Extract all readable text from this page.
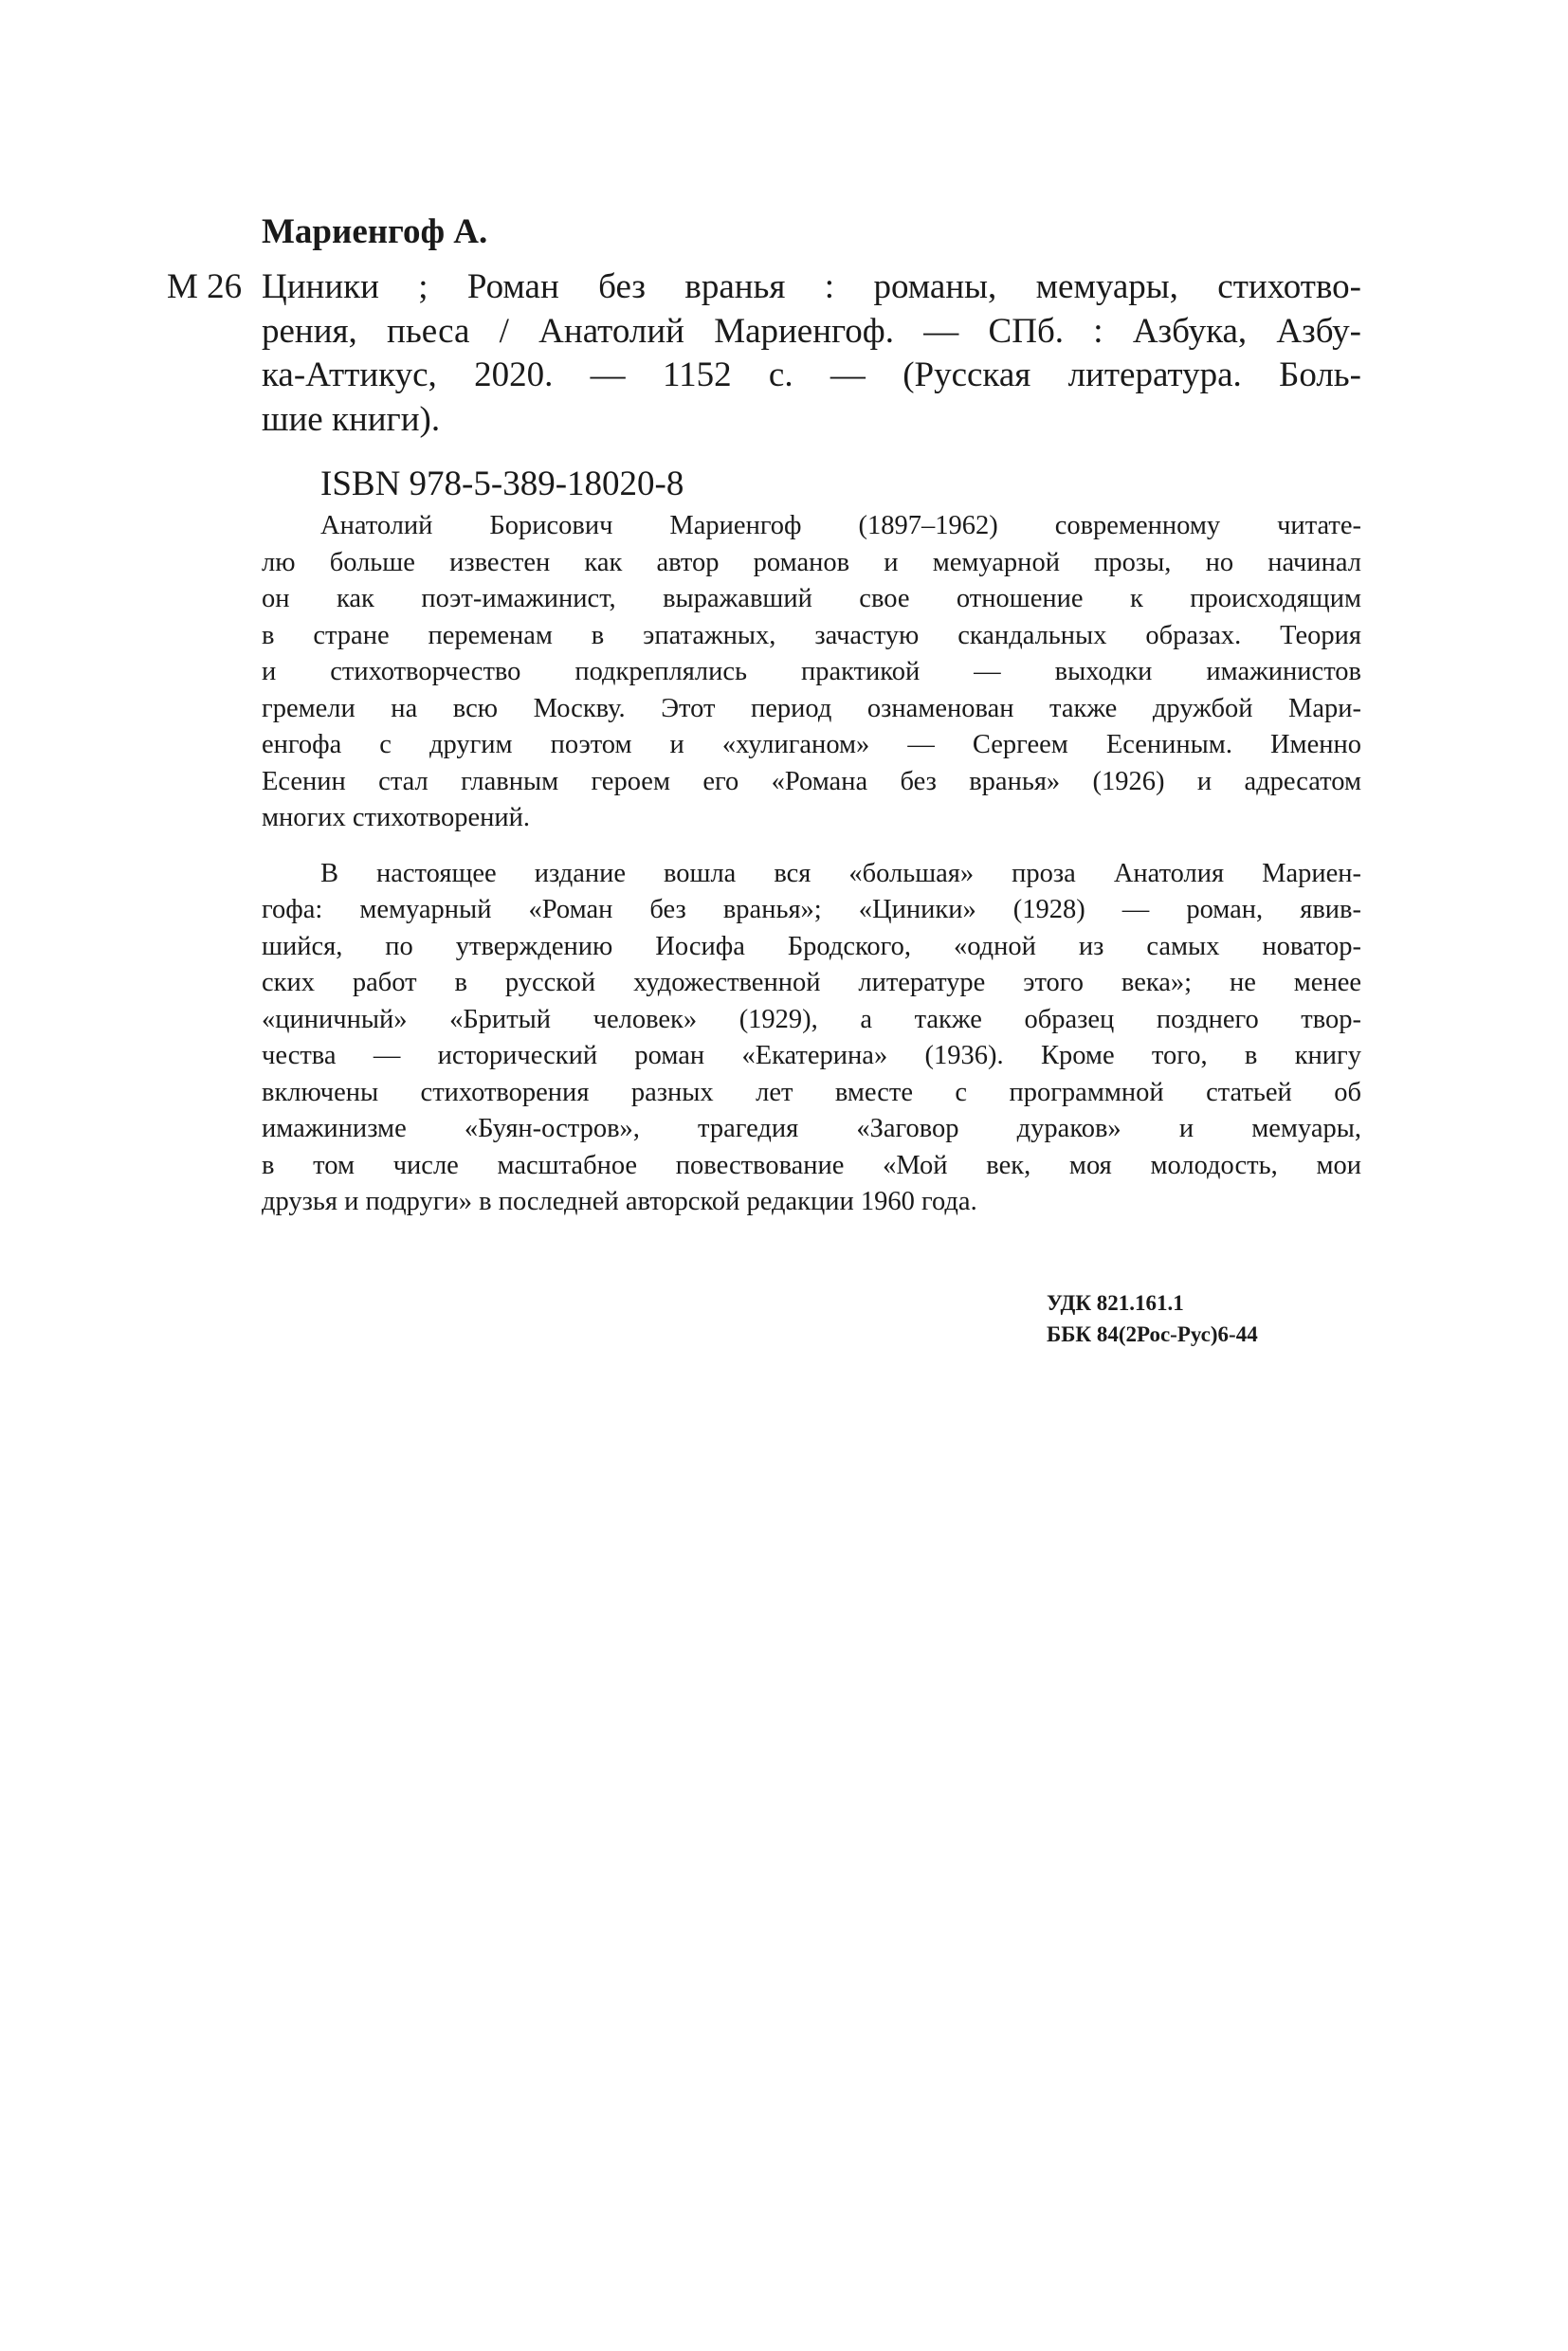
Мариенгоф А.
М 26 Циники ; Роман без вранья : романы, мемуары, стихотво-
рения, пьеса / Анатолий Мариенгоф. — СПб. : Азбука, Азбу-
ка-Аттикус, 2020. — 1152 с. — (Русская литература. Боль-
шие книги).
ISBN 978-5-389-18020-8
Анатолий Борисович Мариенгоф (1897–1962) современному читате-
лю больше известен как автор романов и мемуарной прозы, но начинал
он как поэт-имажинист, выражавший свое отношение к происходящим
в стране переменам в эпатажных, зачастую скандальных образах. Теория
и стихотворчество подкреплялись практикой — выходки имажинистов
гремели на всю Москву. Этот период ознаменован также дружбой Мари-
енгофа с другим поэтом и «хулиганом» — Сергеем Есениным. Именно
Есенин стал главным героем его «Романа без вранья» (1926) и адресатом
многих стихотворений.
В настоящее издание вошла вся «большая» проза Анатолия Мариен-
гофа: мемуарный «Роман без вранья»; «Циники» (1928) — роман, явив-
шийся, по утверждению Иосифа Бродского, «одной из самых новатор-
ских работ в русской художественной литературе этого века»; не менее
«циничный» «Бритый человек» (1929), а также образец позднего твор-
чества — исторический роман «Екатерина» (1936). Кроме того, в книгу
включены стихотворения разных лет вместе с программной статьей об
имажинизме «Буян-остров», трагедия «Заговор дураков» и мемуары,
в том числе масштабное повествование «Мой век, моя молодость, мои
друзья и подруги» в последней авторской редакции 1960 года.
УДК 821.161.1
ББК 84(2Рос-Рус)6-44
